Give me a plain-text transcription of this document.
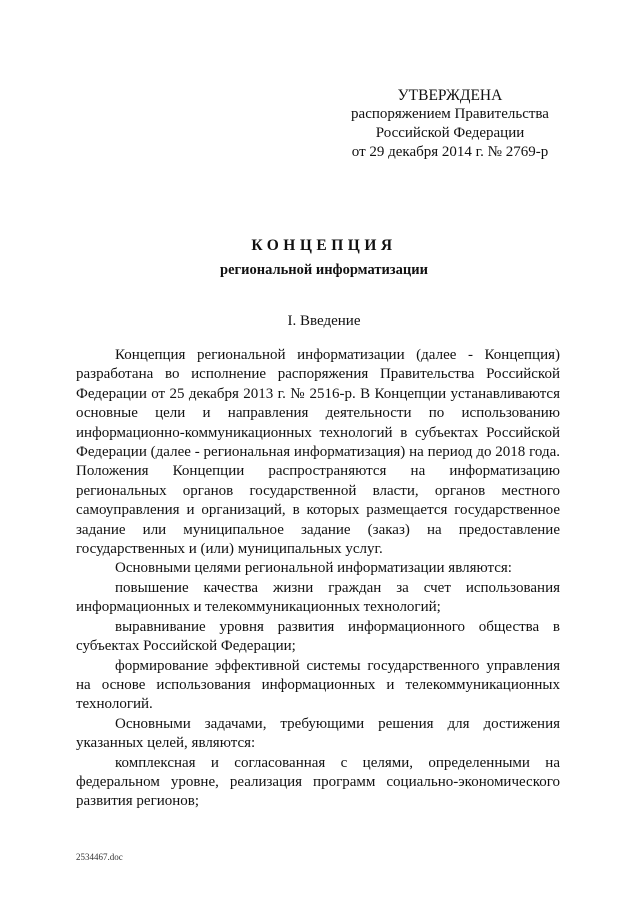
УТВЕРЖДЕНА
распоряжением Правительства
Российской Федерации
от 29 декабря 2014 г. № 2769-р
КОНЦЕПЦИЯ
региональной информатизации
I. Введение

Концепция региональной информатизации (далее - Концепция) разработана во исполнение распоряжения Правительства Российской Федерации от 25 декабря 2013 г. № 2516-р. В Концепции устанавливаются основные цели и направления деятельности по использованию информационно-коммуникационных технологий в субъектах Российской Федерации (далее - региональная информатизация) на период до 2018 года. Положения Концепции распространяются на информатизацию региональных органов государственной власти, органов местного самоуправления и организаций, в которых размещается государственное задание или муниципальное задание (заказ) на предоставление государственных и (или) муниципальных услуг.

Основными целями региональной информатизации являются:

повышение качества жизни граждан за счет использования информационных и телекоммуникационных технологий;

выравнивание уровня развития информационного общества в субъектах Российской Федерации;

формирование эффективной системы государственного управления на основе использования информационных и телекоммуникационных технологий.

Основными задачами, требующими решения для достижения указанных целей, являются:

комплексная и согласованная с целями, определенными на федеральном уровне, реализация программ социально-экономического развития регионов;

2534467.doc
